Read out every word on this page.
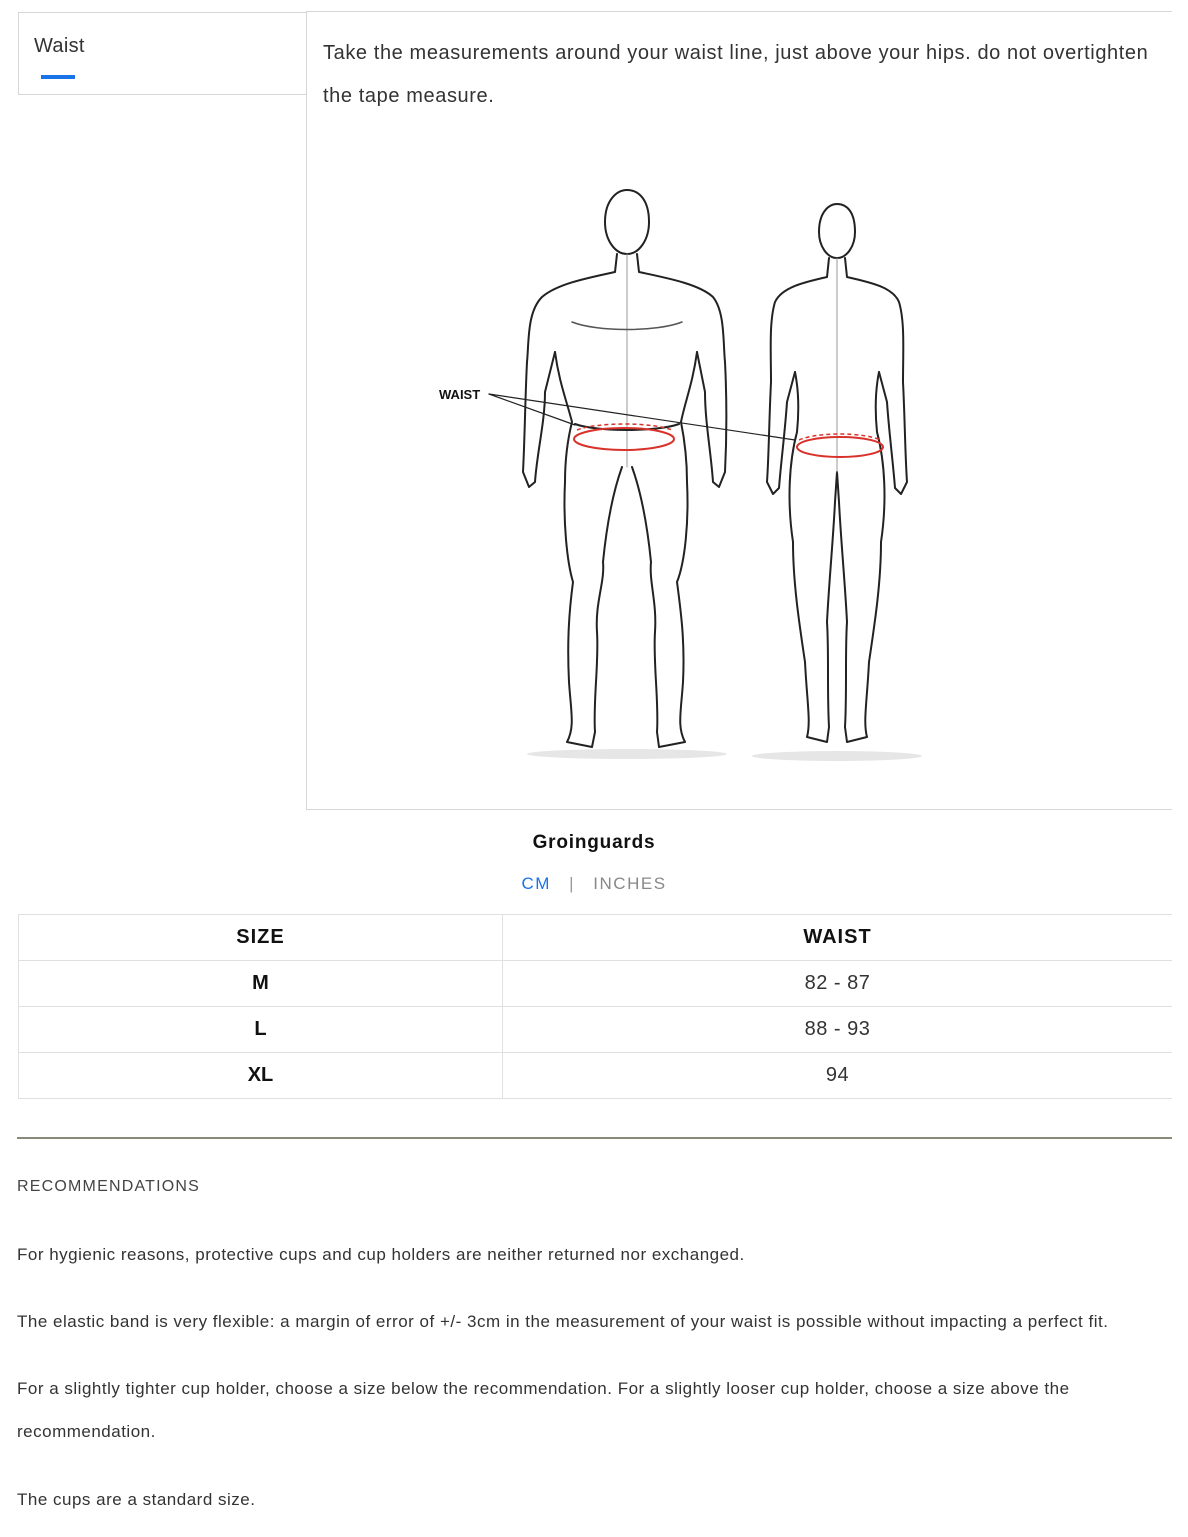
Waist	Take the measurements around your waist line, just above your hips. do not overtighten the tape measure.
WAIST
Groinguards
CM | INCHES
SIZE	WAIST
M	82 - 87
L	88 - 93
XL	94
RECOMMENDATIONS
For hygienic reasons, protective cups and cup holders are neither returned nor exchanged.
The elastic band is very flexible: a margin of error of +/- 3cm in the measurement of your waist is possible without impacting a perfect fit.
For a slightly tighter cup holder, choose a size below the recommendation. For a slightly looser cup holder, choose a size above the recommendation.
The cups are a standard size.
